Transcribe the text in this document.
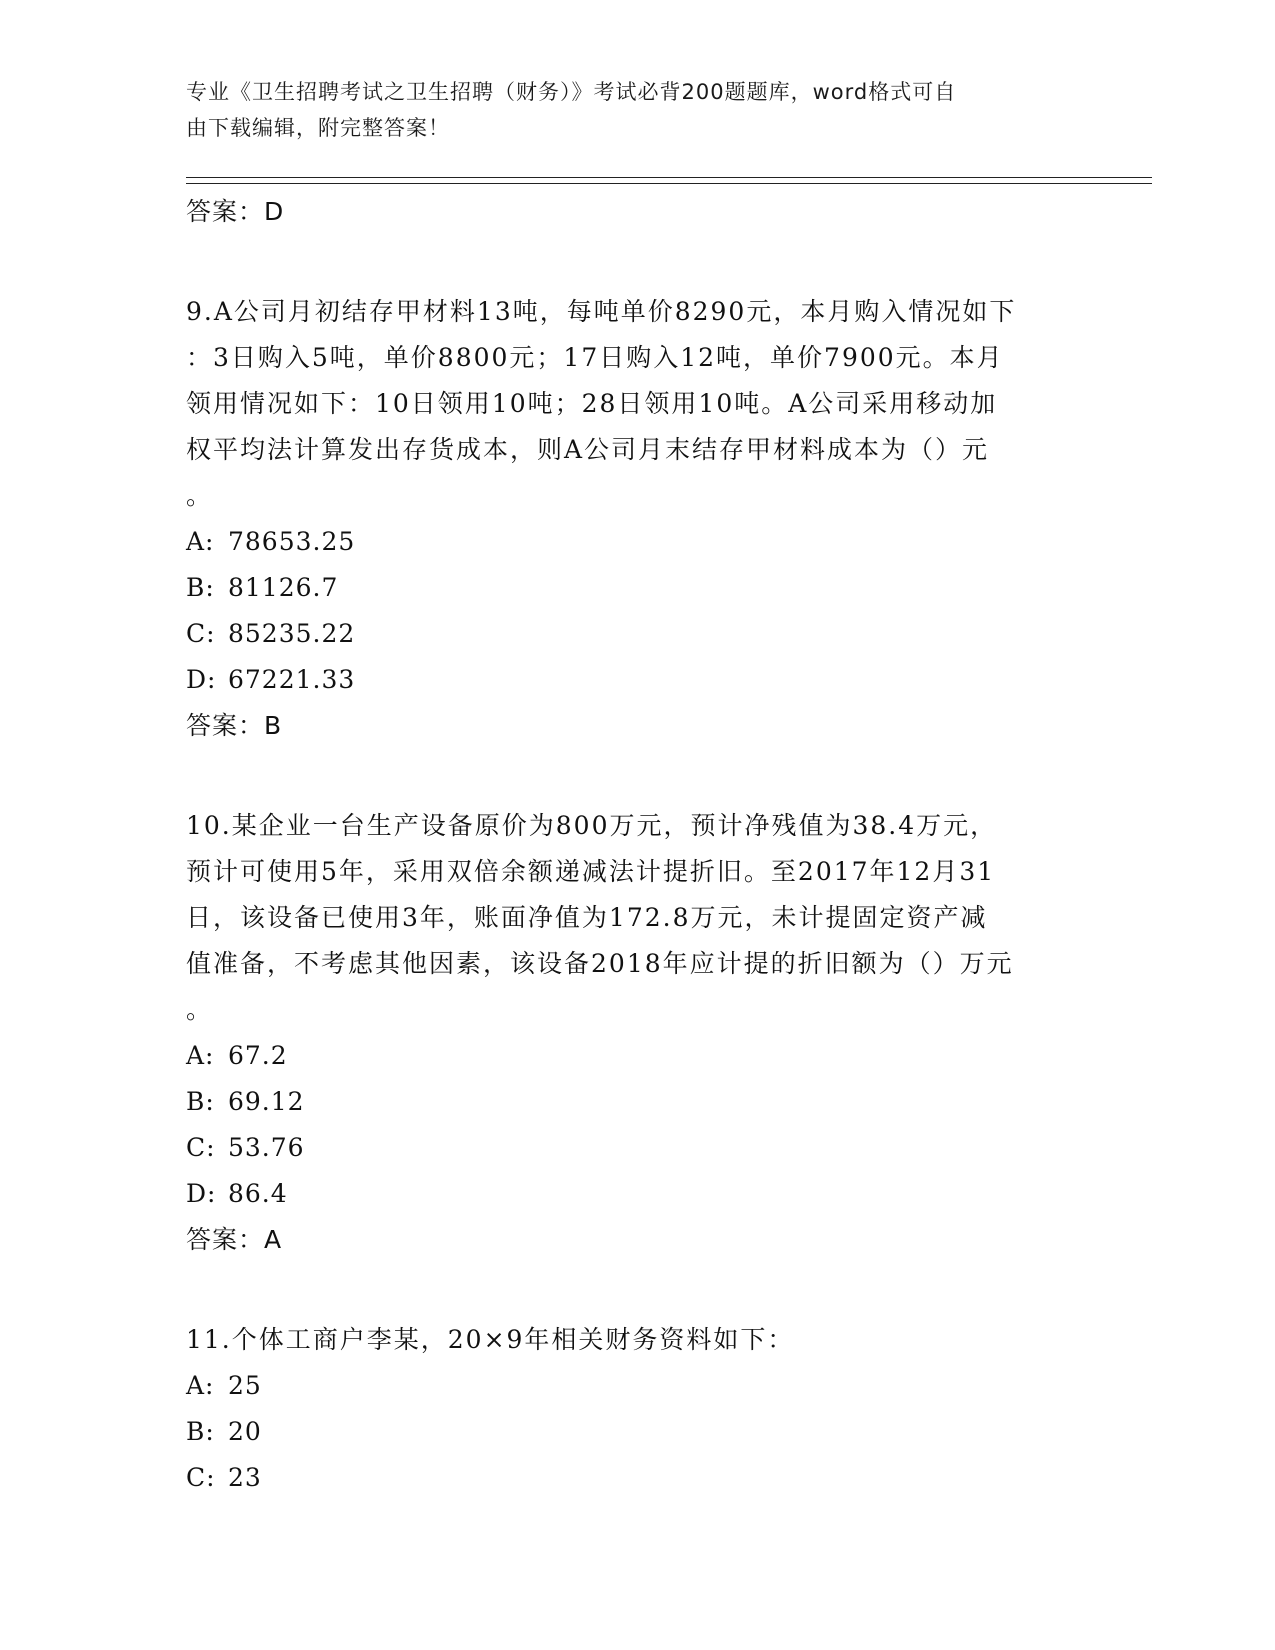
专业《卫生招聘考试之卫生招聘（财务）》考试必背200题题库，word格式可自
由下载编辑，附完整答案！
答案：D
9.A公司月初结存甲材料13吨，每吨单价8290元，本月购入情况如下
：3日购入5吨，单价8800元；17日购入12吨，单价7900元。本月
领用情况如下：10日领用10吨；28日领用10吨。A公司采用移动加
权平均法计算发出存货成本，则A公司月末结存甲材料成本为（）元
。
A: 78653.25
B: 81126.7
C: 85235.22
D: 67221.33
答案：B
10.某企业一台生产设备原价为800万元，预计净残值为38.4万元，
预计可使用5年，采用双倍余额递减法计提折旧。至2017年12月31
日，该设备已使用3年，账面净值为172.8万元，未计提固定资产减
值准备，不考虑其他因素，该设备2018年应计提的折旧额为（）万元
。
A: 67.2
B: 69.12
C: 53.76
D: 86.4
答案：A
11.个体工商户李某，20×9年相关财务资料如下：
A: 25
B: 20
C: 23
